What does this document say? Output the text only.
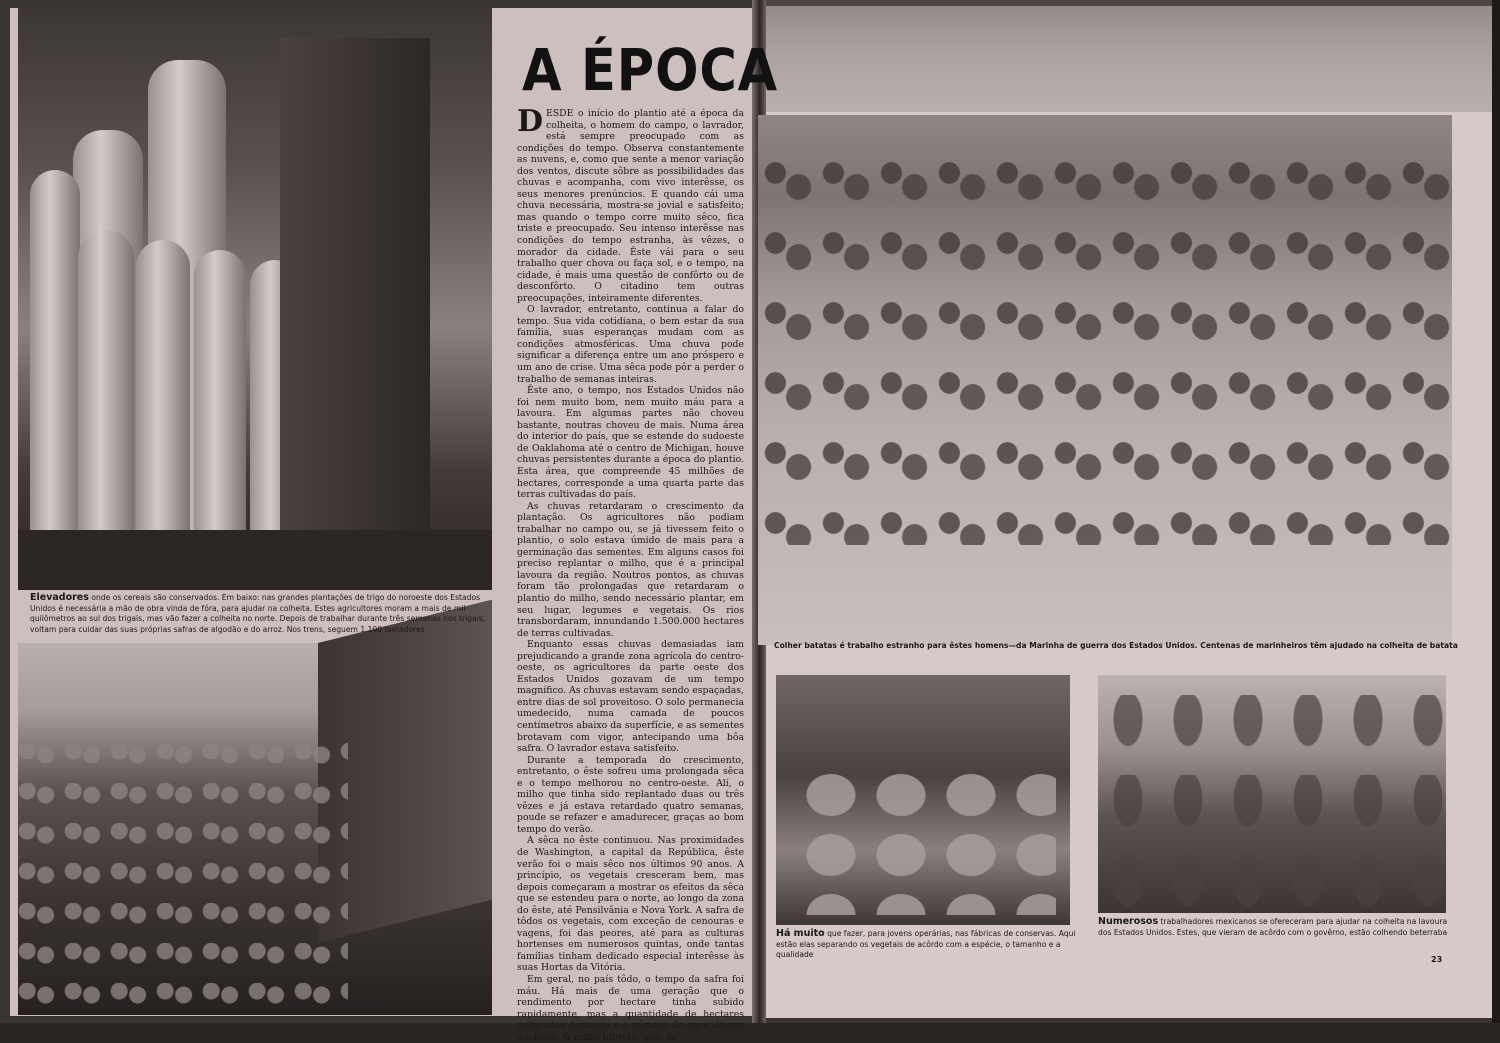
A ÉPOCA

DESDE o início do plantio até a época da colheita, o homem do campo, o lavrador, está sempre preocupado com as condições do tempo. Observa constantemente as nuvens, e, como que sente a menor variação dos ventos, discute sôbre as possibilidades das chuvas e acompanha, com vivo interêsse, os seus menores prenúncios. E quando cái uma chuva necessária, mostra-se jovial e satisfeito; mas quando o tempo corre muito sêco, fica triste e preocupado. Seu intenso interêsse nas condições do tempo estranha, às vêzes, o morador da cidade. Êste vái para o seu trabalho quer chova ou faça sol, e o tempo, na cidade, é mais uma questão de confôrto ou de desconfôrto. O citadino tem outras preocupações, inteiramente diferentes.

O lavrador, entretanto, continua a falar do tempo. Sua vida cotidiana, o bem estar da sua família, suas esperanças mudam com as condições atmosféricas. Uma chuva pode significar a diferença entre um ano próspero e um ano de crise. Uma sêca pode pôr a perder o trabalho de semanas inteiras.

Êste ano, o tempo, nos Estados Unidos não foi nem muito bom, nem muito máu para a lavoura. Em algumas partes não choveu bastante, noutras choveu de mais. Numa área do interior do país, que se estende do sudoeste de Oaklahoma até o centro de Michigan, houve chuvas persistentes durante a época do plantio. Esta área, que compreende 45 milhões de hectares, corresponde a uma quarta parte das terras cultivadas do país.

As chuvas retardaram o crescimento da plantação. Os agricultores não podiam trabalhar no campo ou, se já tivessem feito o plantio, o solo estava úmido de mais para a germinação das sementes. Em alguns casos foi preciso replantar o milho, que é a principal lavoura da região. Noutros pontos, as chuvas foram tão prolongadas que retardaram o plantio do milho, sendo necessário plantar, em seu lugar, legumes e vegetais. Os rios transbordaram, innundando 1.500.000 hectares de terras cultivadas.

Enquanto essas chuvas demasiadas iam prejudicando a grande zona agrícola do centro-oeste, os agricultores da parte oeste dos Estados Unidos gozavam de um tempo magnífico. As chuvas estavam sendo espaçadas, entre dias de sol proveitoso. O solo permanecia umedecido, numa camada de poucos centímetros abaixo da superfície, e as sementes brotavam com vigor, antecipando uma bôa safra. O lavrador estava satisfeito.

Durante a temporada do crescimento, entretanto, o êste sofreu uma prolongada sêca e o tempo melhorou no centro-oeste. Alí, o milho que tinha sido replantado duas ou três vêzes e já estava retardado quatro semanas, poude se refazer e amadurecer, graças ao bom tempo do verão.

A sêca no êste continuou. Nas proximidades de Washington, a capital da República, êste verão foi o mais sêco nos últimos 90 anos. A princípio, os vegetais cresceram bem, mas depois começaram a mostrar os efeitos da sêca que se estendeu para o norte, ao longo da zona do êste, até Pensilvânia e Nova York. A safra de tôdos os vegetais, com exceção de cenouras e vagens, foi das peores, até para as culturas hortenses em numerosos quintas, onde tantas famílias tinham dedicado especial interêsse às suas Hortas da Vitória.

Em geral, no país tôdo, o tempo da safra foi máu. Há mais de uma geração que o rendimento por hectare tinha subido rapidamente, mas a quantidade de hectares cultivados diminuiu e o número de agricultores declinou. O milho híbrido, que, às

Elevadores onde os cereais são conservados. Em baixo: nas grandes plantações de trigo do noroeste dos Estados Unidos é necessária a mão de obra vinda de fóra, para ajudar na colheita. Estes agricultores moram a mais de mil quilômetros ao sul dos trigais, mas vão fazer a colheita no norte. Depois de trabalhar durante três semanas nos trigais, voltam para cuidar das suas próprias safras de algodão e do arroz. Nos trens, seguem 1.100 lavradores
Colher batatas é trabalho estranho para êstes homens—da Marinha de guerra dos Estados Unidos. Centenas de marinheiros têm ajudado na colheita de batata
Há muito que fazer, para jovens operárias, nas fábricas de conservas. Aqui estão elas separando os vegetais de acôrdo com a espécie, o tamanho e a qualidade
Numerosos trabalhadores mexicanos se ofereceram para ajudar na colheita na lavoura dos Estados Unidos. Estes, que vieram de acôrdo com o govêrno, estão colhendo beterraba
23
